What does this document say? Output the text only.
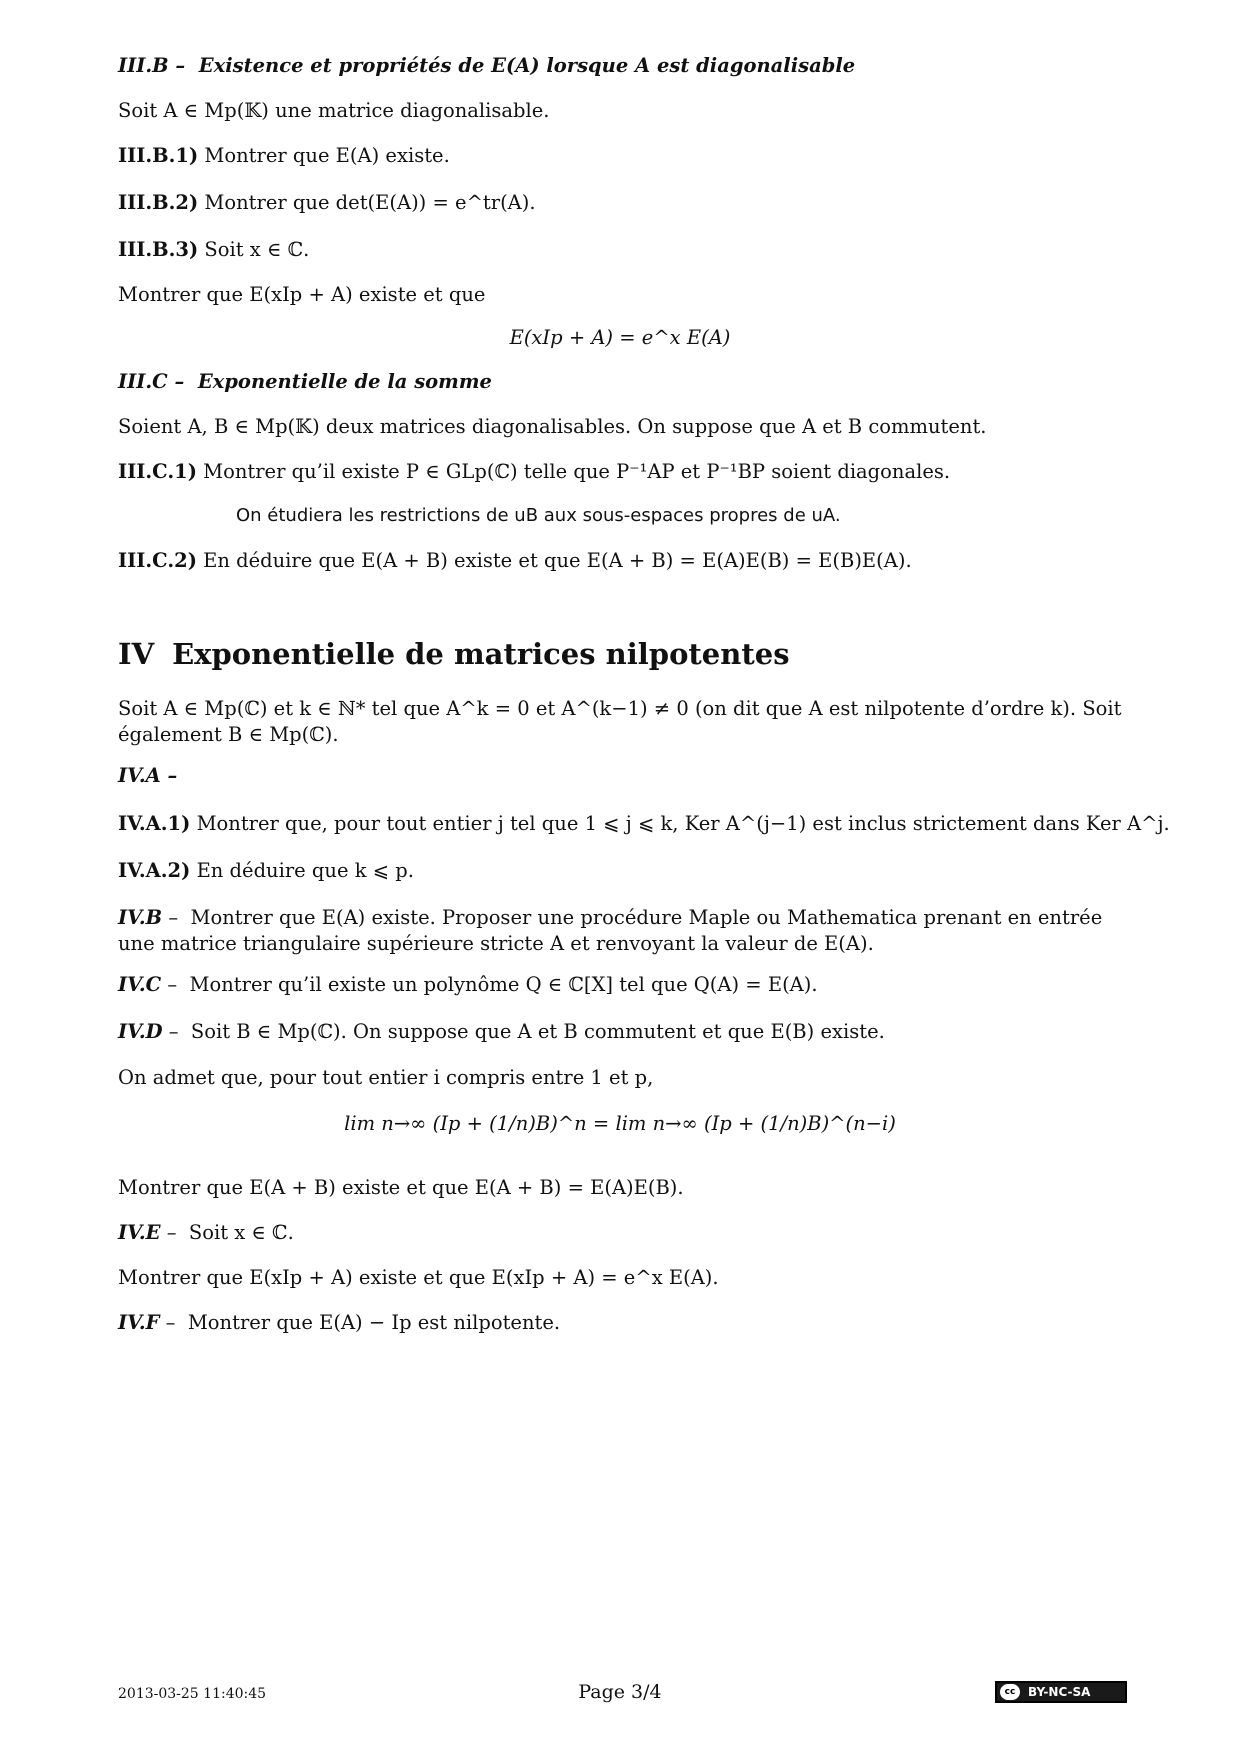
III.B –  Existence et propriétés de E(A) lorsque A est diagonalisable
Soit A ∈ Mp(𝕂) une matrice diagonalisable.
III.B.1) Montrer que E(A) existe.
III.B.2) Montrer que det(E(A)) = e^tr(A).
III.B.3) Soit x ∈ ℂ.
Montrer que E(xIp + A) existe et que
E(xIp + A) = e^x E(A)
III.C –  Exponentielle de la somme
Soient A, B ∈ Mp(𝕂) deux matrices diagonalisables. On suppose que A et B commutent.
III.C.1) Montrer qu’il existe P ∈ GLp(ℂ) telle que P⁻¹AP et P⁻¹BP soient diagonales.
On étudiera les restrictions de uB aux sous-espaces propres de uA.
III.C.2) En déduire que E(A + B) existe et que E(A + B) = E(A)E(B) = E(B)E(A).
IV Exponentielle de matrices nilpotentes
Soit A ∈ Mp(ℂ) et k ∈ ℕ* tel que A^k = 0 et A^(k−1) ≠ 0 (on dit que A est nilpotente d’ordre k). Soit également B ∈ Mp(ℂ).
IV.A –
IV.A.1) Montrer que, pour tout entier j tel que 1 ⩽ j ⩽ k, Ker A^(j−1) est inclus strictement dans Ker A^j.
IV.A.2) En déduire que k ⩽ p.
IV.B –  Montrer que E(A) existe. Proposer une procédure Maple ou Mathematica prenant en entrée une matrice triangulaire supérieure stricte A et renvoyant la valeur de E(A).
IV.C –  Montrer qu’il existe un polynôme Q ∈ ℂ[X] tel que Q(A) = E(A).
IV.D –  Soit B ∈ Mp(ℂ). On suppose que A et B commutent et que E(B) existe.
On admet que, pour tout entier i compris entre 1 et p,
lim n→∞ (Ip + (1/n)B)^n = lim n→∞ (Ip + (1/n)B)^(n−i)
Montrer que E(A + B) existe et que E(A + B) = E(A)E(B).
IV.E –  Soit x ∈ ℂ.
Montrer que E(xIp + A) existe et que E(xIp + A) = e^x E(A).
IV.F –  Montrer que E(A) − Ip est nilpotente.
2013-03-25 11:40:45	Page 3/4	cc	BY-NC-SA
